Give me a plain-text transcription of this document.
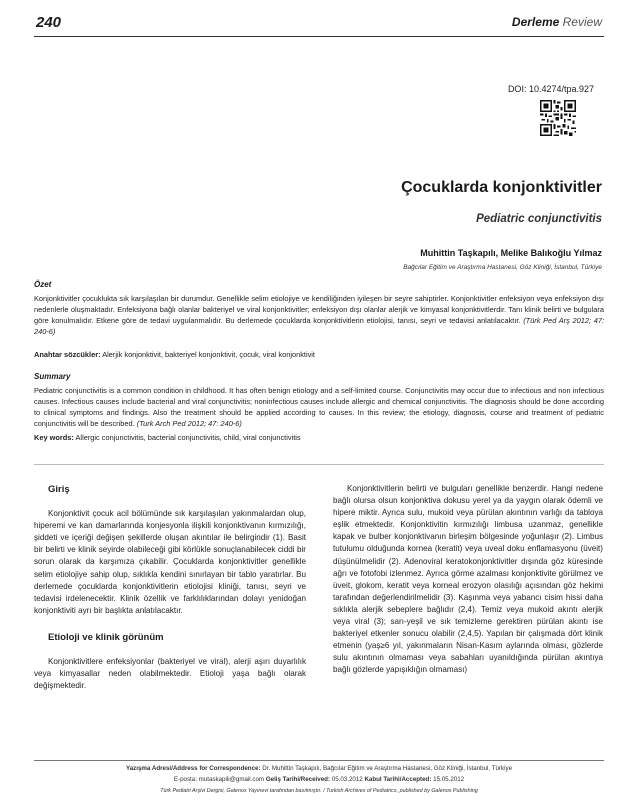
240	Derleme Review
DOI: 10.4274/tpa.927
Çocuklarda konjonktivitler
Pediatric conjunctivitis
Muhittin Taşkapılı, Melike Balıkoğlu Yılmaz
Bağcılar Eğitim ve Araştırma Hastanesi, Göz Kliniği, İstanbul, Türkiye
Özet
Konjonktivitler çocuklukta sık karşılaşılan bir durumdur. Genellikle selim etiolojiye ve kendiliğinden iyileşen bir seyre sahiptirler. Konjonktivitler enfeksiyon veya enfeksiyon dışı nedenlerle oluşmaktadır. Enfeksiyona bağlı olanlar bakteriyel ve viral konjonktivitler; enfeksiyon dışı olanlar alerjik ve kimyasal konjonktivitlerdir. Tanı klinik belirti ve bulgulara göre konulmalıdır. Etkene göre de tedavi uygulanmalıdır. Bu derlemede çocuklarda konjonktivitlerin etiolojisi, tanısı, seyri ve tedavisi anlatılacaktır. (Türk Ped Arş 2012; 47: 240-6)
Anahtar sözcükler: Alerjik konjonktivit, bakteriyel konjonktivit, çocuk, viral konjonktivit
Summary
Pediatric conjunctivitis is a common condition in childhood. It has often benign etiology and a self-limited course. Conjunctivitis may occur due to infectious and non infectious causes. Infectious causes include bacterial and viral conjunctivitis; noninfectious causes include allergic and chemical conjunctivitis. The diagnosis should be done according to clinical symptoms and findings. Also the treatment should be applied according to causes. In this review; the etiology, diagnosis, course and treatment of pediatric conjunctivitis will be described. (Turk Arch Ped 2012; 47: 240-6)
Key words: Allergic conjunctivitis, bacterial conjunctivitis, child, viral conjunctivitis
Giriş

Konjonktivit çocuk acil bölümünde sık karşılaşılan yakınmalardan olup, hiperemi ve kan damarlarında konjesyonla ilişkili konjonktivanın kırmızılığı, şiddeti ve içeriği değişen şekillerde oluşan akıntılar ile belirgindir (1). Basit bir belirti ve klinik seyirde olabileceği gibi körlükle sonuçlanabilecek ciddi bir sorun olarak da karşımıza çıkabilir. Çocuklarda konjonktivitler genellikle selim etiolojiye sahip olup, sıklıkla kendini sınırlayan bir tablo yaratırlar. Bu derlemede çocuklarda konjonktivitlerin etiolojisi kliniği, tanısı, seyri ve tedavisi irdelenecektir. Klinik özellik ve farklılıklarından dolayı yenidoğan konjonktiviti ayrı bir başlıkta anlatılacaktır.

Etioloji ve klinik görünüm

Konjonktivitlere enfeksiyonlar (bakteriyel ve viral), alerji aşırı duyarlılık veya kimyasallar neden olabilmektedir. Etioloji yaşa bağlı olarak değişmektedir.

Konjonktivitlerin belirti ve bulguları genellikle benzerdir. Hangi nedene bağlı olursa olsun konjonktiva dokusu yerel ya da yaygın olarak ödemli ve hipere miktir. Ayrıca sulu, mukoid veya pürülan akıntının varlığı da tabloya eşlik etmektedir. Konjonktivitin kırmızılığı limbusa uzanmaz, genellikle kapak ve bulber konjonktivanın birleşim bölgesinde yoğunlaşır (2). Limbus tutulumu olduğunda kornea (keratit) veya uveal doku enflamasyonu (üveit) düşünülmelidir (2). Adenoviral keratokonjonktivitler dışında göz küresinde ağrı ve fotofobi izlenmez. Ayrıca görme azalması konjonktivite görülmez ve üveit, glokom, keratit veya korneal erozyon olasılığı açısından göz hekimi tarafından değerlendirilmelidir (3). Kaşınma veya yabancı cisim hissi daha sıklıkla alerjik sebeplere bağlıdır (2,4). Temiz veya mukoid akıntı alerjik veya viral (3); sarı-yeşil ve sık temizleme gerektiren pürülan akıntı ise bakteriyel etkenler sonucu olabilir (2,4,5). Yapılan bir çalışmada dört klinik etmenin (yaş≥6 yıl, yakınmaların Nisan-Kasım aylarında olması, gözlerde sulu akıntının olmaması veya sabahları uyanıldığında pürülan akıntıya bağlı gözlerde yapışıklığın olmaması)

Yazışma Adresi/Address for Correspondence: Dr. Muhittin Taşkapılı, Bağcılar Eğitim ve Araştırma Hastanesi, Göz Kliniği, İstanbul, Türkiye
E-posta: mutaskapili@gmail.com Geliş Tarihi/Received: 05.03.2012 Kabul Tarihi/Accepted: 15.05.2012
Türk Pediatri Arşivi Dergisi, Galenos Yayınevi tarafından basılmıştır. / Turkish Archives of Pediatrics, published by Galenos Publishing
